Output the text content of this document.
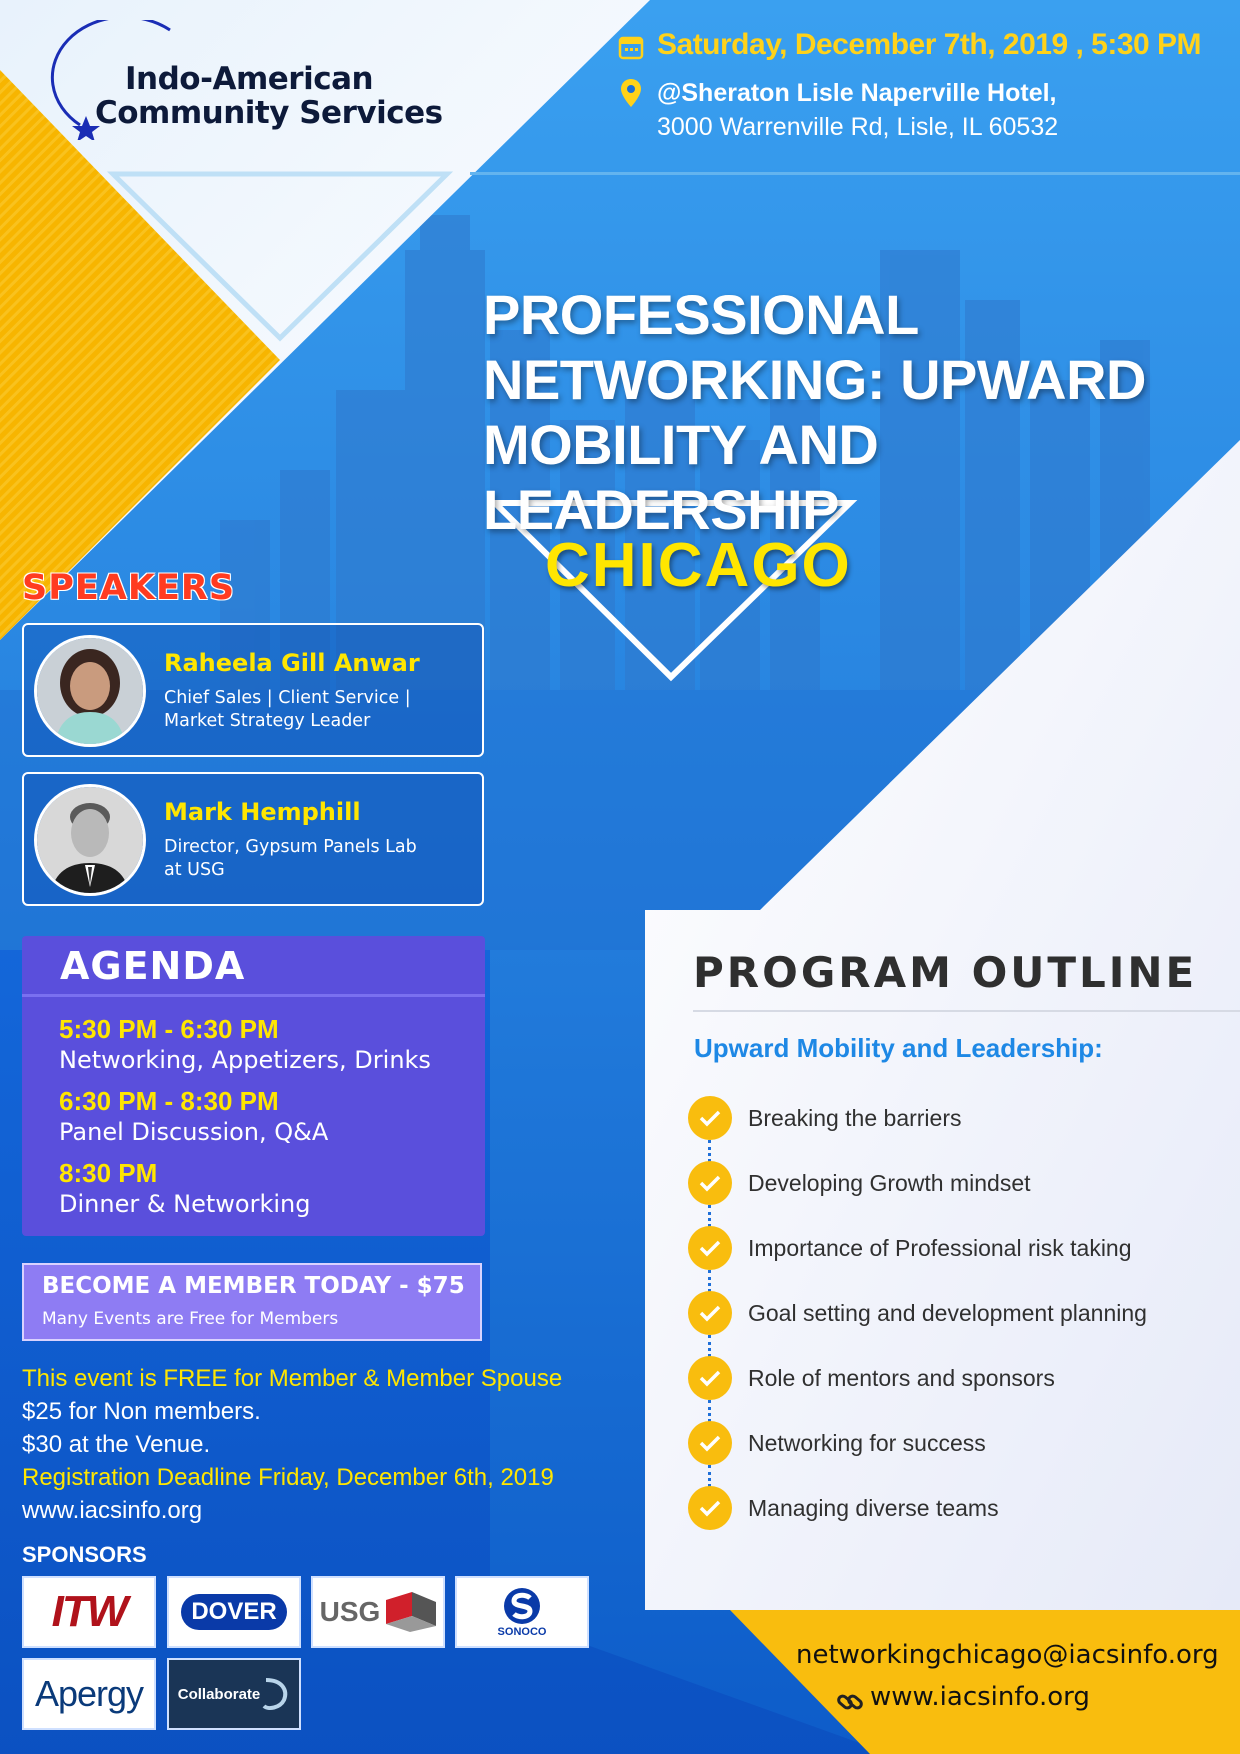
Indo-American
Community Services
Saturday, December 7th, 2019 , 5:30 PM
@Sheraton Lisle Naperville Hotel,
3000 Warrenville Rd, Lisle, IL 60532
PROFESSIONAL
NETWORKING: UPWARD
MOBILITY AND LEADERSHIP
CHICAGO
SPEAKERS
Raheela Gill Anwar
Chief Sales | Client Service |
Market Strategy Leader
Mark Hemphill
Director, Gypsum Panels Lab
at USG
AGENDA
5:30 PM - 6:30 PM
Networking, Appetizers, Drinks
6:30 PM - 8:30 PM
Panel Discussion, Q&A
8:30 PM
Dinner & Networking
BECOME A MEMBER TODAY - $75
Many Events are Free for Members
This event is FREE for Member & Member Spouse
$25 for Non members.
$30 at the Venue.
Registration Deadline Friday, December 6th, 2019
www.iacsinfo.org
SPONSORS
ITW	DOVER	USG
SONOCO
Apergy Collaborate
PROGRAM OUTLINE
Upward Mobility and Leadership:
Breaking the barriers
Developing Growth mindset
Importance of Professional risk taking
Goal setting and development planning
Role of mentors and sponsors
Networking for success
Managing diverse teams
networkingchicago@iacsinfo.org
www.iacsinfo.org
